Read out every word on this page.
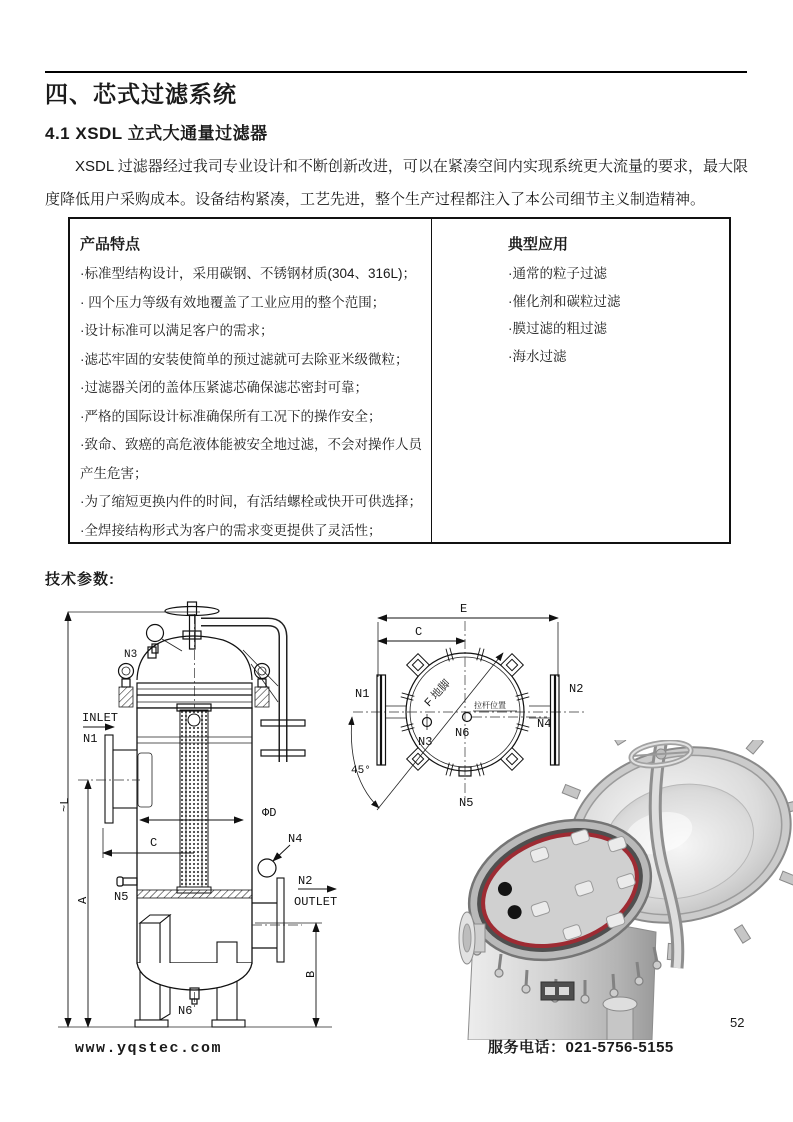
四、芯式过滤系统
4.1 XSDL 立式大通量过滤器
XSDL 过滤器经过我司专业设计和不断创新改进，可以在紧凑空间内实现系统更大流量的要求，最大限度降低用户采购成本。设备结构紧凑，工艺先进，整个生产过程都注入了本公司细节主义制造精神。
产品特点
·标准型结构设计，采用碳钢、不锈钢材质(304、316L)；
· 四个压力等级有效地覆盖了工业应用的整个范围；
·设计标准可以满足客户的需求；
·滤芯牢固的安装使简单的预过滤就可去除亚米级微粒；
·过滤器关闭的盖体压紧滤芯确保滤芯密封可靠；
·严格的国际设计标准确保所有工况下的操作安全；
·致命、致癌的高危液体能被安全地过滤，不会对操作人员产生危害；
·为了缩短更换内件的时间，有活结螺栓或快开可供选择；
·全焊接结构形式为客户的需求变更提供了灵活性；
典型应用
·通常的粒子过滤
·催化剂和碳粒过滤
·膜过滤的粗过滤
·海水过滤
技术参数:
N3
INLET
N1
~L
A
C
ΦD
N5
N4
N2
OUTLET
B
N6
E
C
N1	N2
45°
F 地脚
N3
N6
拉杆位置
N4
N5
www.yqstec.com	服务电话：021-5756-5155
52
